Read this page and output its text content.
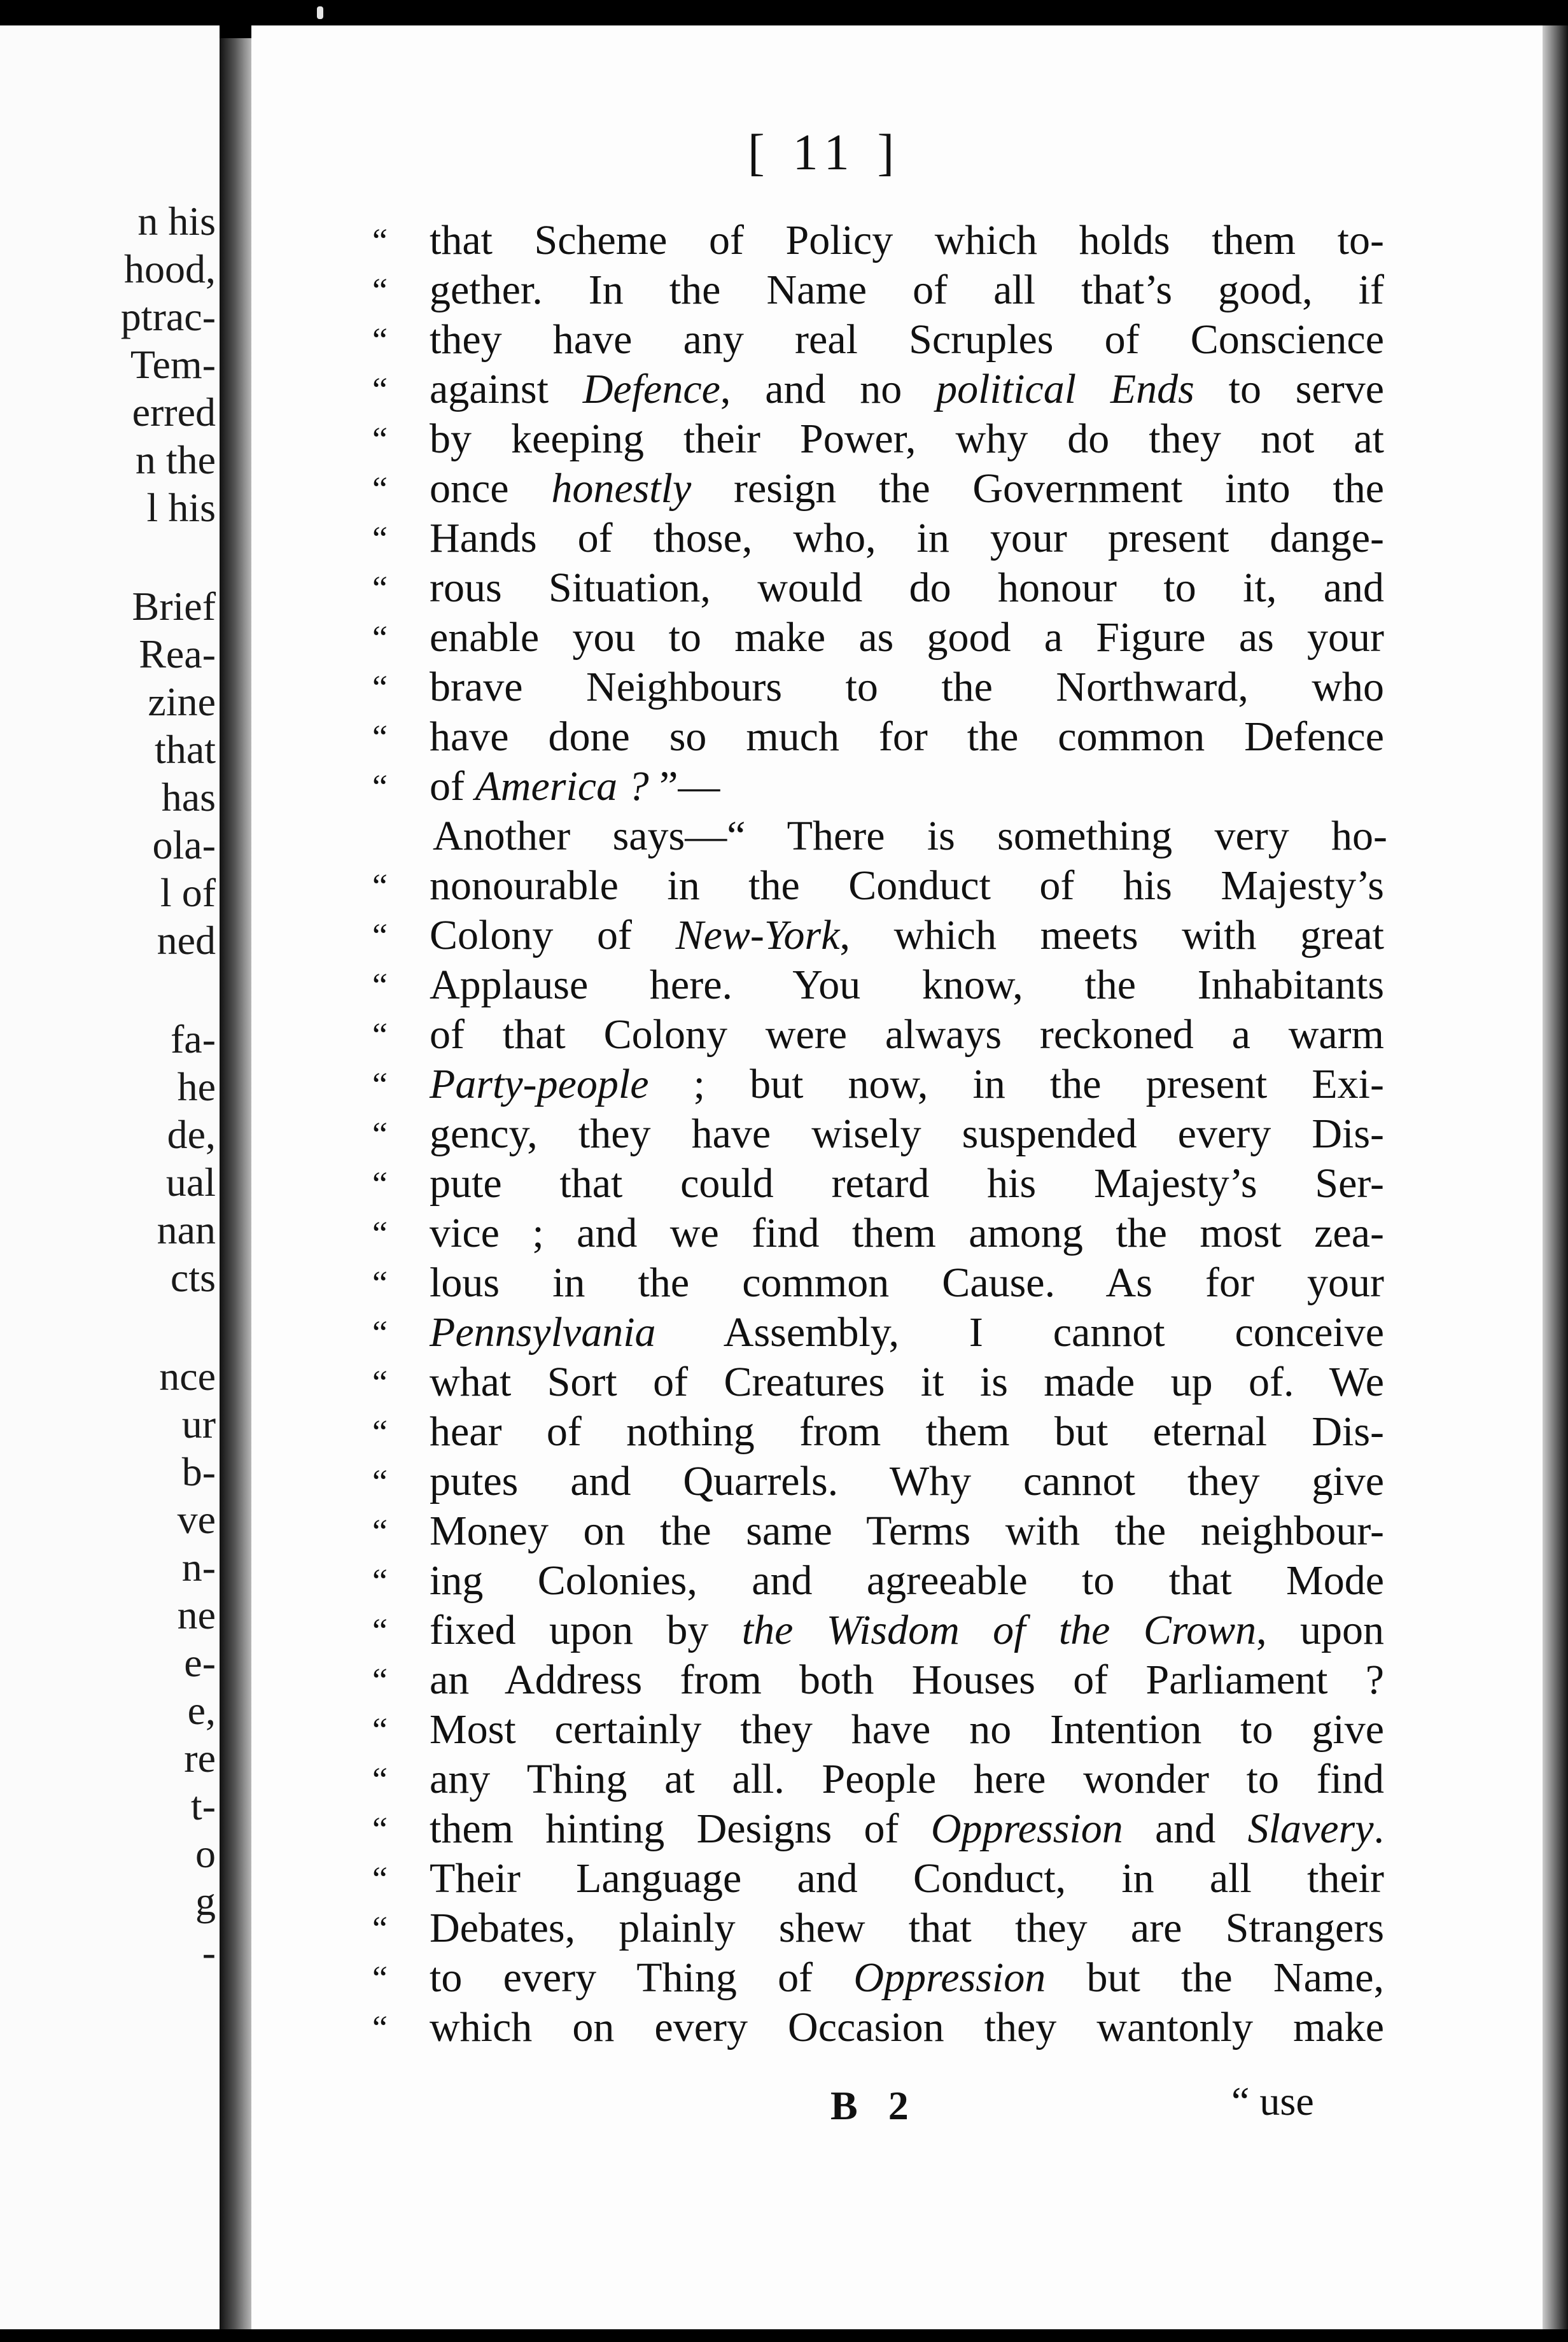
n his
hood,
ptrac-
Tem-
erred
n the
l his
Brief
Rea-
zine
that
has
ola-
l of
ned
fa-
he
de,
ual
nan
cts
nce
ur
b-
ve
n-
ne
e-
e,
re
t-
o
g
-
[ 11 ]
“ that Scheme of Policy which holds them to-
“ gether. In the Name of all that’s good, if
“ they have any real Scruples of Conscience
“ against Defence, and no political Ends to serve
“ by keeping their Power, why do they not at
“ once honestly resign the Government into the
“ Hands of those, who, in your present dange-
“ rous Situation, would do honour to it, and
“ enable you to make as good a Figure as your
“ brave Neighbours to the Northward, who
“ have done so much for the common Defence
“ of America ? ”—
Another says—“ There is something very ho-
“ nonourable in the Conduct of his Majesty’s
“ Colony of New-York, which meets with great
“ Applause here. You know, the Inhabitants
“ of that Colony were always reckoned a warm
“ Party-people ; but now, in the present Exi-
“ gency, they have wisely suspended every Dis-
“ pute that could retard his Majesty’s Ser-
“ vice ; and we find them among the most zea-
“ lous in the common Cause. As for your
“ Pennsylvania Assembly, I cannot conceive
“ what Sort of Creatures it is made up of. We
“ hear of nothing from them but eternal Dis-
“ putes and Quarrels. Why cannot they give
“ Money on the same Terms with the neighbour-
“ ing Colonies, and agreeable to that Mode
“ fixed upon by the Wisdom of the Crown, upon
“ an Address from both Houses of Parliament ?
“ Most certainly they have no Intention to give
“ any Thing at all. People here wonder to find
“ them hinting Designs of Oppression and Slavery.
“ Their Language and Conduct, in all their
“ Debates, plainly shew that they are Strangers
“ to every Thing of Oppression but the Name,
“ which on every Occasion they wantonly make
B 2	“ use
